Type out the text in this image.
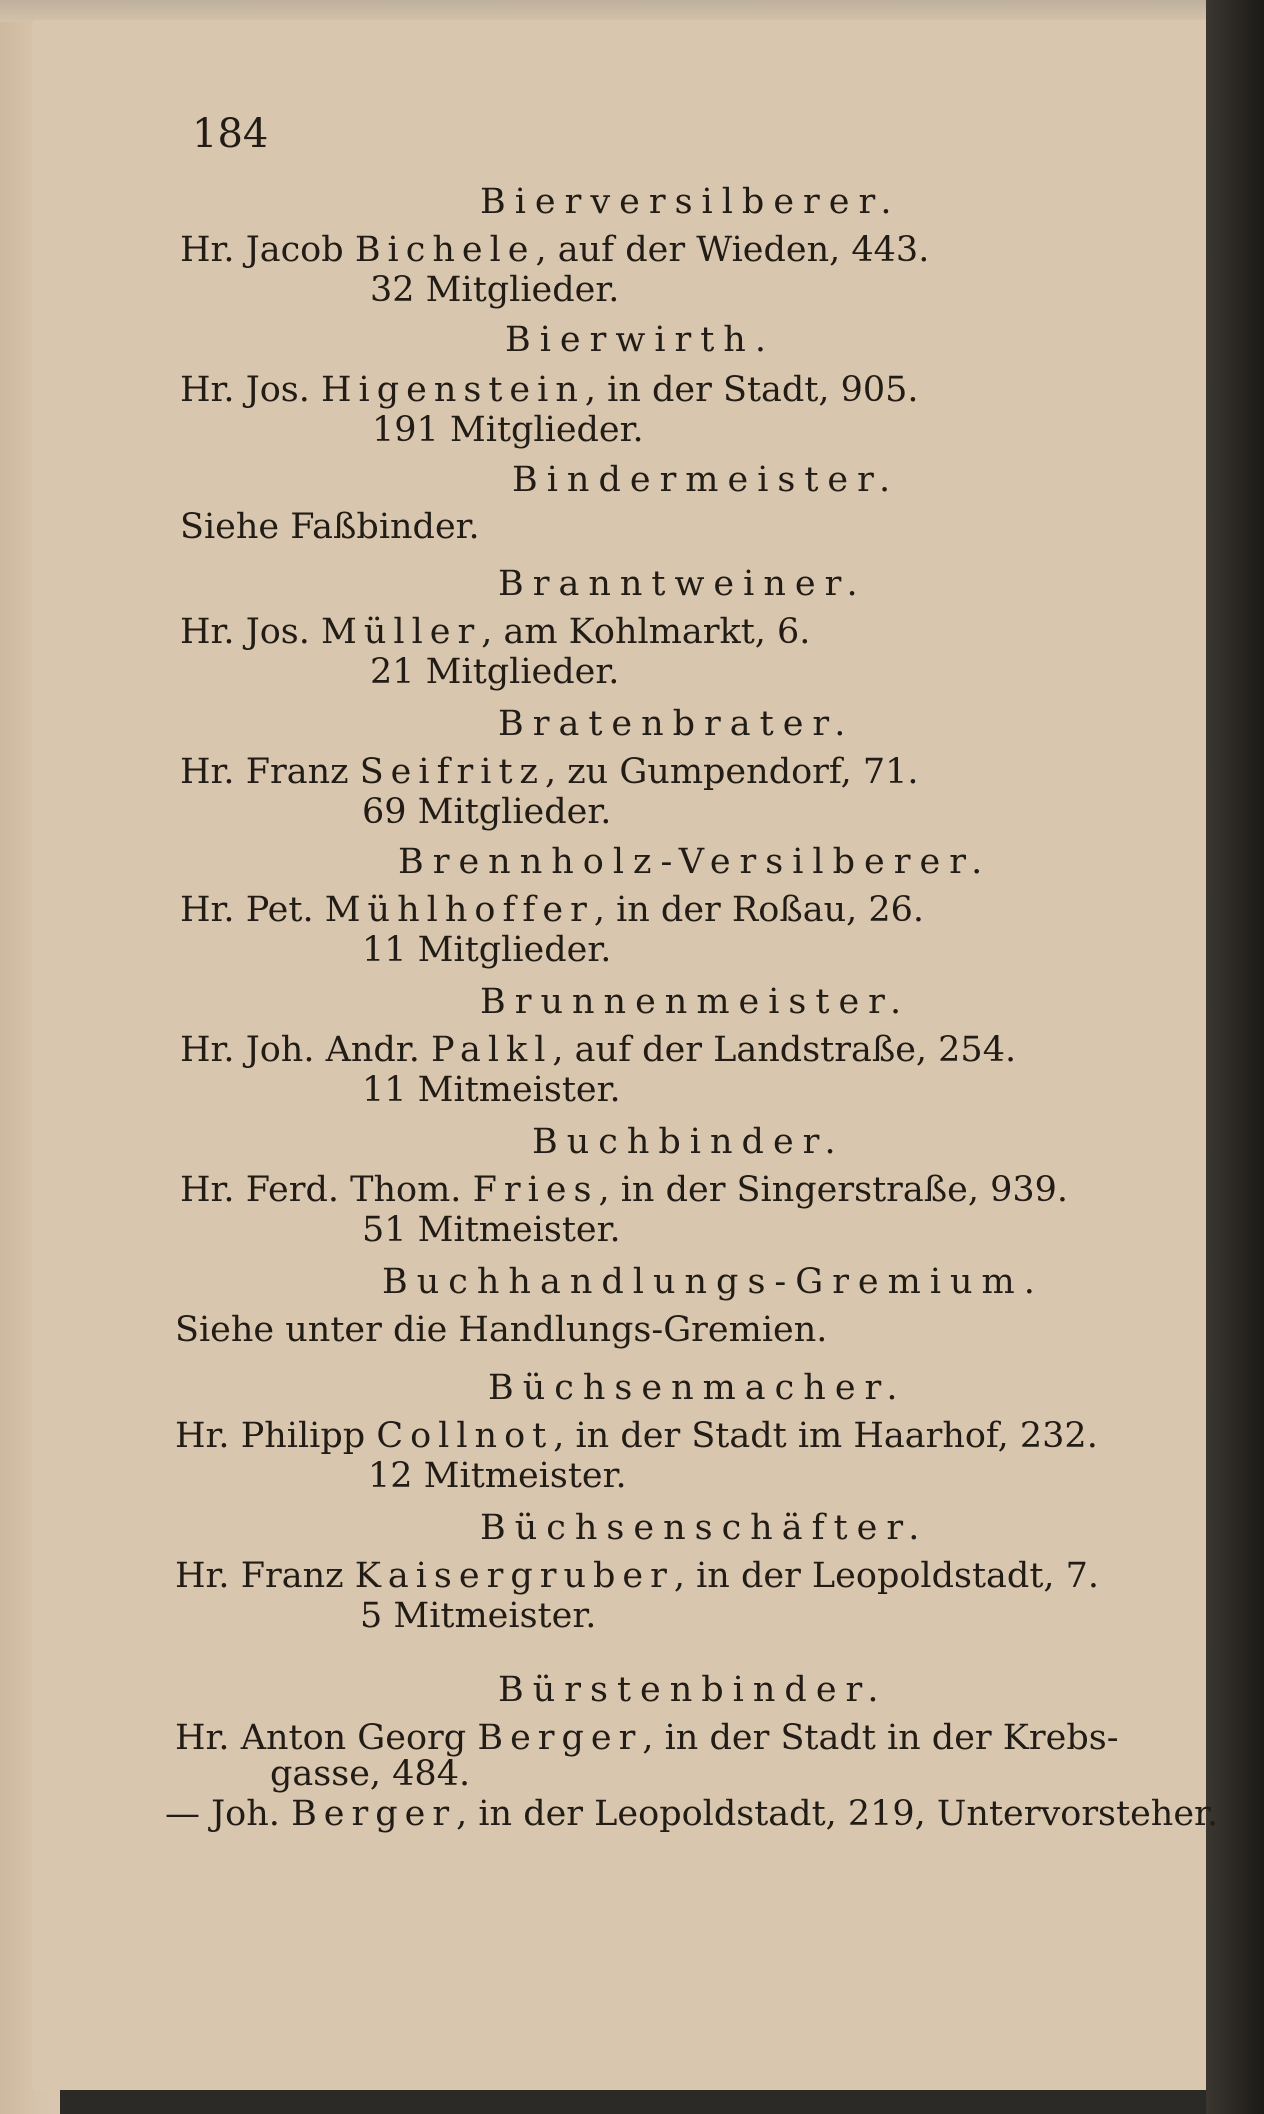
184
Bierversilberer.
Hr. Jacob Bichele, auf der Wieden, 443.
32 Mitglieder.
Bierwirth.
Hr. Jos. Higenstein, in der Stadt, 905.
191 Mitglieder.
Bindermeister.
Siehe Faßbinder.
Branntweiner.
Hr. Jos. Müller, am Kohlmarkt, 6.
21 Mitglieder.
Bratenbrater.
Hr. Franz Seifritz, zu Gumpendorf, 71.
69 Mitglieder.
Brennholz-Versilberer.
Hr. Pet. Mühlhoffer, in der Roßau, 26.
11 Mitglieder.
Brunnenmeister.
Hr. Joh. Andr. Palkl, auf der Landstraße, 254.
11 Mitmeister.
Buchbinder.
Hr. Ferd. Thom. Fries, in der Singerstraße, 939.
51 Mitmeister.
Buchhandlungs-Gremium.
Siehe unter die Handlungs-Gremien.
Büchsenmacher.
Hr. Philipp Collnot, in der Stadt im Haarhof, 232.
12 Mitmeister.
Büchsenschäfter.
Hr. Franz Kaisergruber, in der Leopoldstadt, 7.
5 Mitmeister.
Bürstenbinder.
Hr. Anton Georg Berger, in der Stadt in der Krebs-
gasse, 484.
— Joh. Berger, in der Leopoldstadt, 219, Untervorsteher.
